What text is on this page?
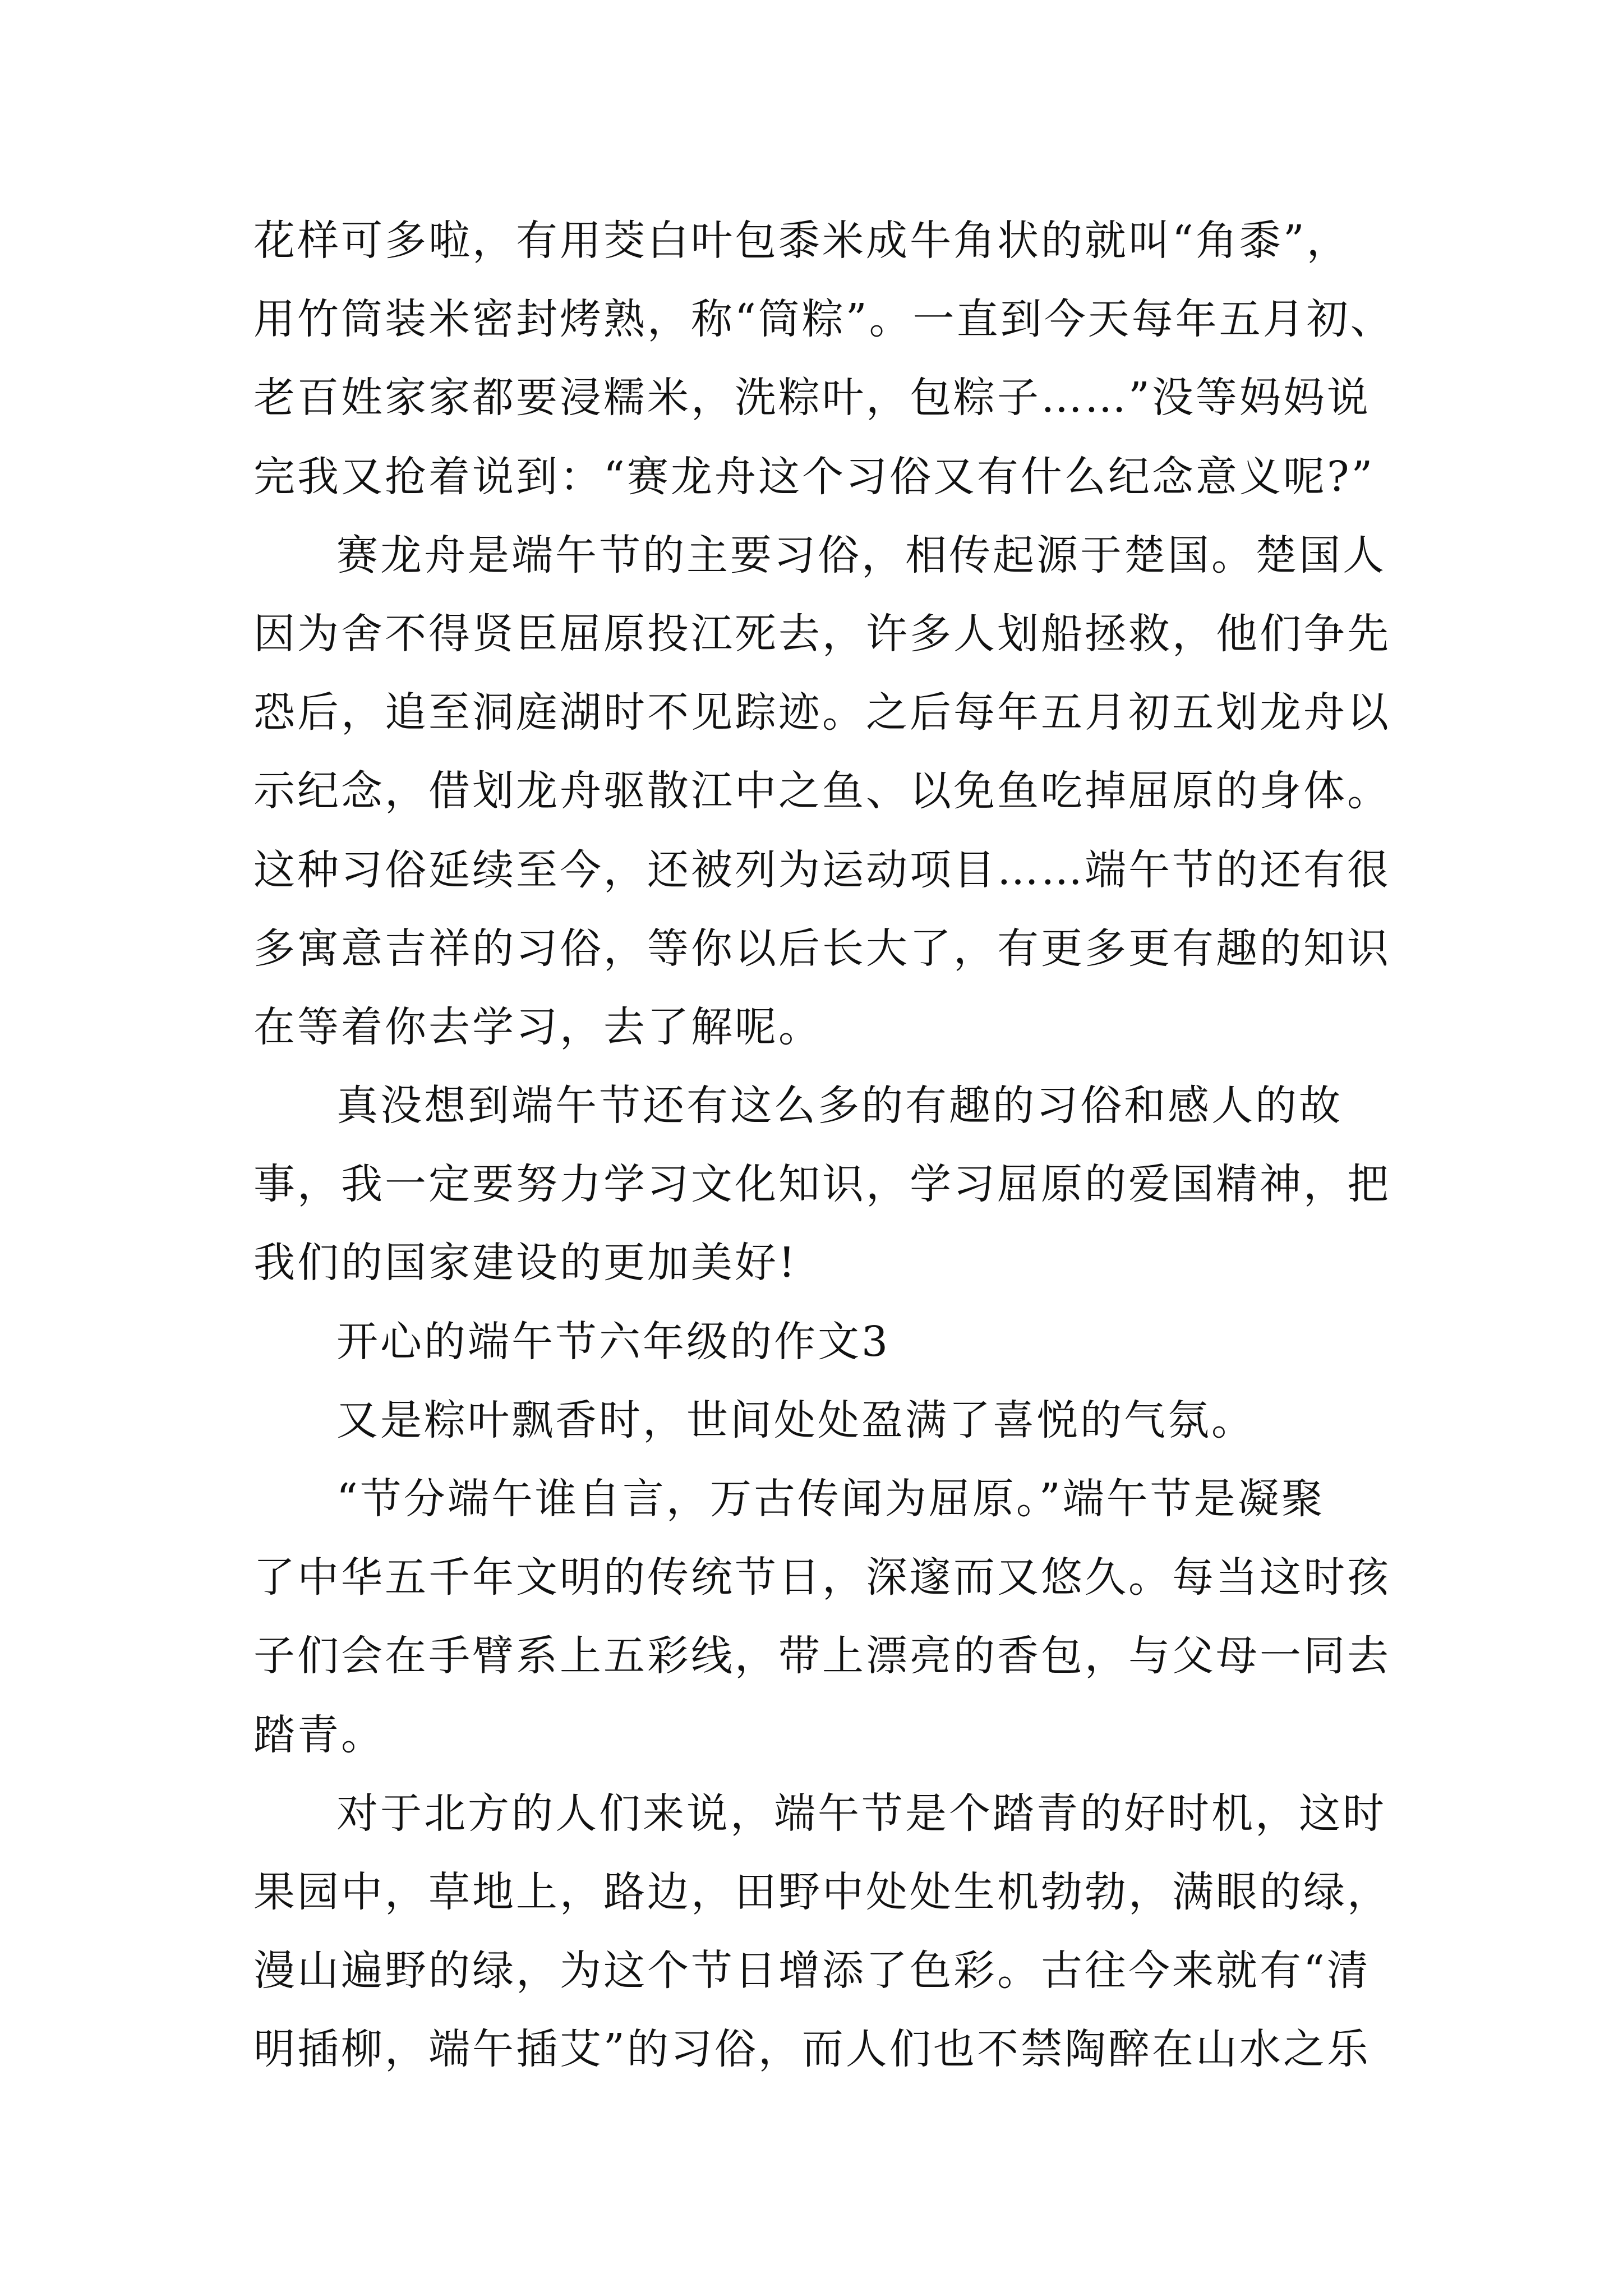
花样可多啦，有用茭白叶包黍米成牛角状的就叫“角黍”，
用竹筒装米密封烤熟，称“筒粽”。一直到今天每年五月初、
老百姓家家都要浸糯米，洗粽叶，包粽子……”没等妈妈说
完我又抢着说到：“赛龙舟这个习俗又有什么纪念意义呢?”
赛龙舟是端午节的主要习俗，相传起源于楚国。楚国人
因为舍不得贤臣屈原投江死去，许多人划船拯救，他们争先
恐后，追至洞庭湖时不见踪迹。之后每年五月初五划龙舟以
示纪念，借划龙舟驱散江中之鱼、以免鱼吃掉屈原的身体。
这种习俗延续至今，还被列为运动项目……端午节的还有很
多寓意吉祥的习俗，等你以后长大了，有更多更有趣的知识
在等着你去学习，去了解呢。
真没想到端午节还有这么多的有趣的习俗和感人的故
事，我一定要努力学习文化知识，学习屈原的爱国精神，把
我们的国家建设的更加美好!
开心的端午节六年级的作文3
又是粽叶飘香时，世间处处盈满了喜悦的气氛。
“节分端午谁自言，万古传闻为屈原。”端午节是凝聚
了中华五千年文明的传统节日，深邃而又悠久。每当这时孩
子们会在手臂系上五彩线，带上漂亮的香包，与父母一同去
踏青。
对于北方的人们来说，端午节是个踏青的好时机，这时
果园中，草地上，路边，田野中处处生机勃勃，满眼的绿，
漫山遍野的绿，为这个节日增添了色彩。古往今来就有“清
明插柳，端午插艾”的习俗，而人们也不禁陶醉在山水之乐
